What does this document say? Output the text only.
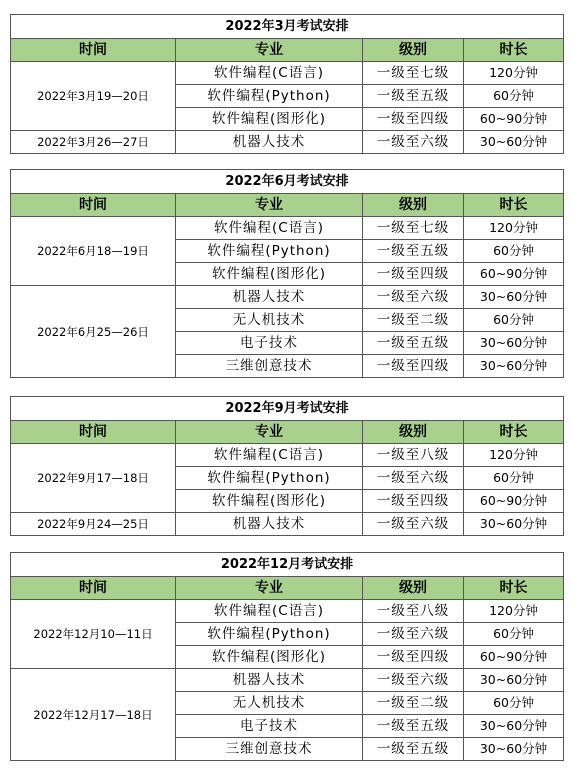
2022年3月考试安排			
时间	专业	级别	时长
2022年3月19—20日	软件编程(C语言)	一级至七级	120分钟
	软件编程(Python)	一级至五级	60分钟
	软件编程(图形化)	一级至四级	60~90分钟
2022年3月26—27日	机器人技术	一级至六级	30~60分钟
2022年6月考试安排			
时间	专业	级别	时长
2022年6月18—19日	软件编程(C语言)	一级至七级	120分钟
	软件编程(Python)	一级至五级	60分钟
	软件编程(图形化)	一级至四级	60~90分钟
2022年6月25—26日	机器人技术	一级至六级	30~60分钟
	无人机技术	一级至二级	60分钟
	电子技术	一级至五级	30~60分钟
	三维创意技术	一级至四级	30~60分钟
2022年9月考试安排			
时间	专业	级别	时长
2022年9月17—18日	软件编程(C语言)	一级至八级	120分钟
	软件编程(Python)	一级至六级	60分钟
	软件编程(图形化)	一级至四级	60~90分钟
2022年9月24—25日	机器人技术	一级至六级	30~60分钟
2022年12月考试安排			
时间	专业	级别	时长
2022年12月10—11日	软件编程(C语言)	一级至八级	120分钟
	软件编程(Python)	一级至六级	60分钟
	软件编程(图形化)	一级至四级	60~90分钟
2022年12月17—18日	机器人技术	一级至六级	30~60分钟
	无人机技术	一级至二级	60分钟
	电子技术	一级至五级	30~60分钟
	三维创意技术	一级至五级	30~60分钟
